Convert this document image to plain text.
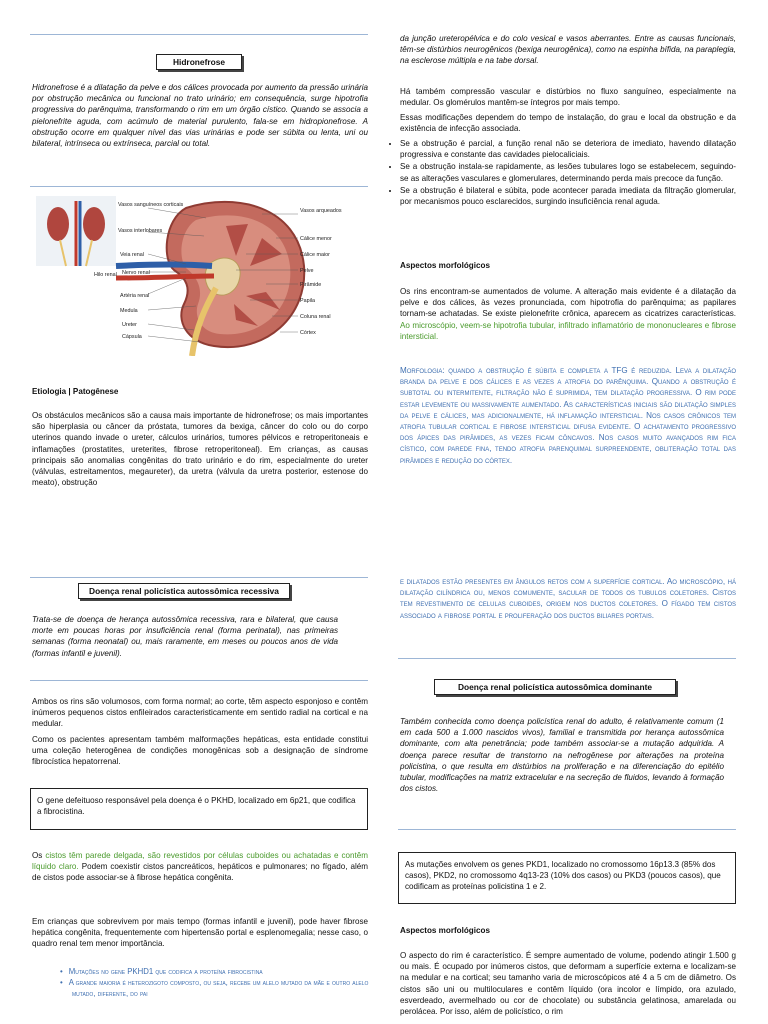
Hidronefrose

Hidronefrose é a dilatação da pelve e dos cálices provocada por aumento da pressão urinária por obstrução mecânica ou funcional no trato urinário; em consequência, surge hipotrofia progressiva do parênquima, transformando o rim em um órgão cístico. Quando se associa a pielonefrite aguda, com acúmulo de material purulento, fala-se em hidropionefrose. A obstrução ocorre em qualquer nível das vias urinárias e pode ser súbita ou lenta, uni ou bilateral, intrínseca ou extrínseca, parcial ou total.

Vasos sanguíneos corticais
Vasos interlobares
Veia renal
Nervo renal
Artéria renal
Medula
Ureter
Cápsula
Vasos arqueados
Cálice menor
Cálice maior
Pelve
Pirâmide
Papila
Coluna renal
Córtex
Hilo renal

Etiologia | Patogênese

Os obstáculos mecânicos são a causa mais importante de hidronefrose; os mais importantes são hiperplasia ou câncer da próstata, tumores da bexiga, câncer do colo ou do corpo uterinos quando invade o ureter, cálculos urinários, tumores pélvicos e retroperitoneais e inflamações (prostatites, ureterites, fibrose retroperitoneal). Em crianças, as causas principais são anomalias congênitas do trato urinário e do rim, especialmente do ureter (válvulas, estreitamentos, megaureter), da uretra (válvula da uretra posterior, estenose do meato), obstrução

Doença renal policística autossômica recessiva

Trata-se de doença de herança autossômica recessiva, rara e bilateral, que causa morte em poucas horas por insuficiência renal (forma perinatal), nas primeiras semanas (forma neonatal) ou, mais raramente, em meses ou poucos anos de vida (formas infantil e juvenil).

Ambos os rins são volumosos, com forma normal; ao corte, têm aspecto esponjoso e contêm inúmeros pequenos cistos enfileirados caracteristicamente em sentido radial na cortical e na medular.

Como os pacientes apresentam também malformações hepáticas, esta entidade constitui uma coleção heterogênea de condições monogênicas sob a designação de síndrome fibrocística hepatorrenal.

O gene defeituoso responsável pela doença é o PKHD, localizado em 6p21, que codifica a fibrocistina.

Os cistos têm parede delgada, são revestidos por células cuboides ou achatadas e contêm líquido claro. Podem coexistir cistos pancreáticos, hepáticos e pulmonares; no fígado, além de cistos pode associar-se à fibrose hepática congênita.

Em crianças que sobrevivem por mais tempo (formas infantil e juvenil), pode haver fibrose hepática congênita, frequentemente com hipertensão portal e esplenomegalia; nesse caso, o quadro renal tem menor importância.

• Mutações no gene PKHD1 que codifica a proteína fibrocistina
• A grande maioria é heterozigoto composto, ou seja, recebe um alelo mutado da mãe e outro alelo mutado, diferente, do pai

da junção ureteropélvica e do colo vesical e vasos aberrantes. Entre as causas funcionais, têm-se distúrbios neurogênicos (bexiga neurogênica), como na espinha bífida, na paraplegia, na esclerose múltipla e na tabe dorsal.

Há também compressão vascular e distúrbios no fluxo sanguíneo, especialmente na medular. Os glomérulos mantêm-se íntegros por mais tempo.

Essas modificações dependem do tempo de instalação, do grau e local da obstrução e da existência de infecção associada.

• Se a obstrução é parcial, a função renal não se deteriora de imediato, havendo dilatação progressiva e constante das cavidades pielocaliciais.
• Se a obstrução instala-se rapidamente, as lesões tubulares logo se estabelecem, seguindo-se as alterações vasculares e glomerulares, determinando perda mais precoce da função.
• Se a obstrução é bilateral e súbita, pode acontecer parada imediata da filtração glomerular, por mecanismos pouco esclarecidos, surgindo insuficiência renal aguda.

Aspectos morfológicos

Os rins encontram-se aumentados de volume. A alteração mais evidente é a dilatação da pelve e dos cálices, às vezes pronunciada, com hipotrofia do parênquima; as papilares tornam-se achatadas. Se existe pielonefrite crônica, aparecem as cicatrizes características. Ao microscópio, veem-se hipotrofia tubular, infiltrado inflamatório de mononucleares e fibrose intersticial.

Morfologia: quando a obstrução é súbita e completa a TFG é reduzida. Leva a dilatação branda da pelve e dos cálices e as vezes a atrofia do parênquima. Quando a obstrução é subtotal ou intermitente, filtração não é suprimida, tem dilatação progressiva. O rim pode estar levemente ou massivamente aumentado. As características iniciais são dilatação simples da pelve e cálices, mas adicionalmente, há inflamação intersticial. Nos casos crônicos tem atrofia tubular cortical e fibrose intersticial difusa evidente. O achatamento progressivo dos ápices das pirâmides, as vezes ficam côncavos. Nos casos muito avançados rim fica cístico, com parede fina, tendo atrofia parenquimal surpreendente, obliteração total das pirâmides e redução do córtex.

e dilatados estão presentes em ângulos retos com a superfície cortical. Ao microscópio, há dilatação cilíndrica ou, menos comumente, sacular de todos os tubulos coletores. Cistos tem revestimento de celulas cuboides, origem nos ductos coletores. O fígado tem cistos associado a fibrose portal e proliferação dos ductos biliares portais.

Doença renal policística autossômica dominante

Também conhecida como doença policística renal do adulto, é relativamente comum (1 em cada 500 a 1.000 nascidos vivos), familial e transmitida por herança autossômica dominante, com alta penetrância; pode também associar-se a mutação adquirida. A doença parece resultar de transtorno na nefrogênese por alterações na proteína policistina, o que resulta em distúrbios na proliferação e na diferenciação do epitélio tubular, modificações na matriz extracelular e na secreção de fluidos, levando à formação dos cistos.

As mutações envolvem os genes PKD1, localizado no cromossomo 16p13.3 (85% dos casos), PKD2, no cromossomo 4q13-23 (10% dos casos) ou PKD3 (poucos casos), que codificam as proteínas policistina 1 e 2.

Aspectos morfológicos

O aspecto do rim é característico. É sempre aumentado de volume, podendo atingir 1.500 g ou mais. É ocupado por inúmeros cistos, que deformam a superfície externa e localizam-se na medular e na cortical; seu tamanho varia de microscópicos até 4 a 5 cm de diâmetro. Os cistos são uni ou multiloculares e contêm líquido (ora incolor e límpido, ora azulado, esverdeado, avermelhado ou cor de chocolate) ou substância gelatinosa, amarelada ou perolácea. Por isso, além de policístico, o rim
